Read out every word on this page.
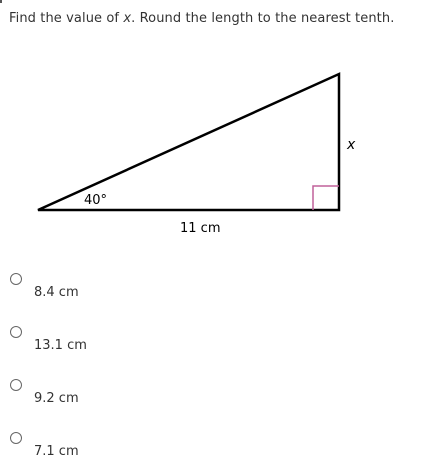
Find the value of x. Round the length to the nearest tenth.
40°
11 cm
x
8.4 cm
13.1 cm
9.2 cm
7.1 cm
